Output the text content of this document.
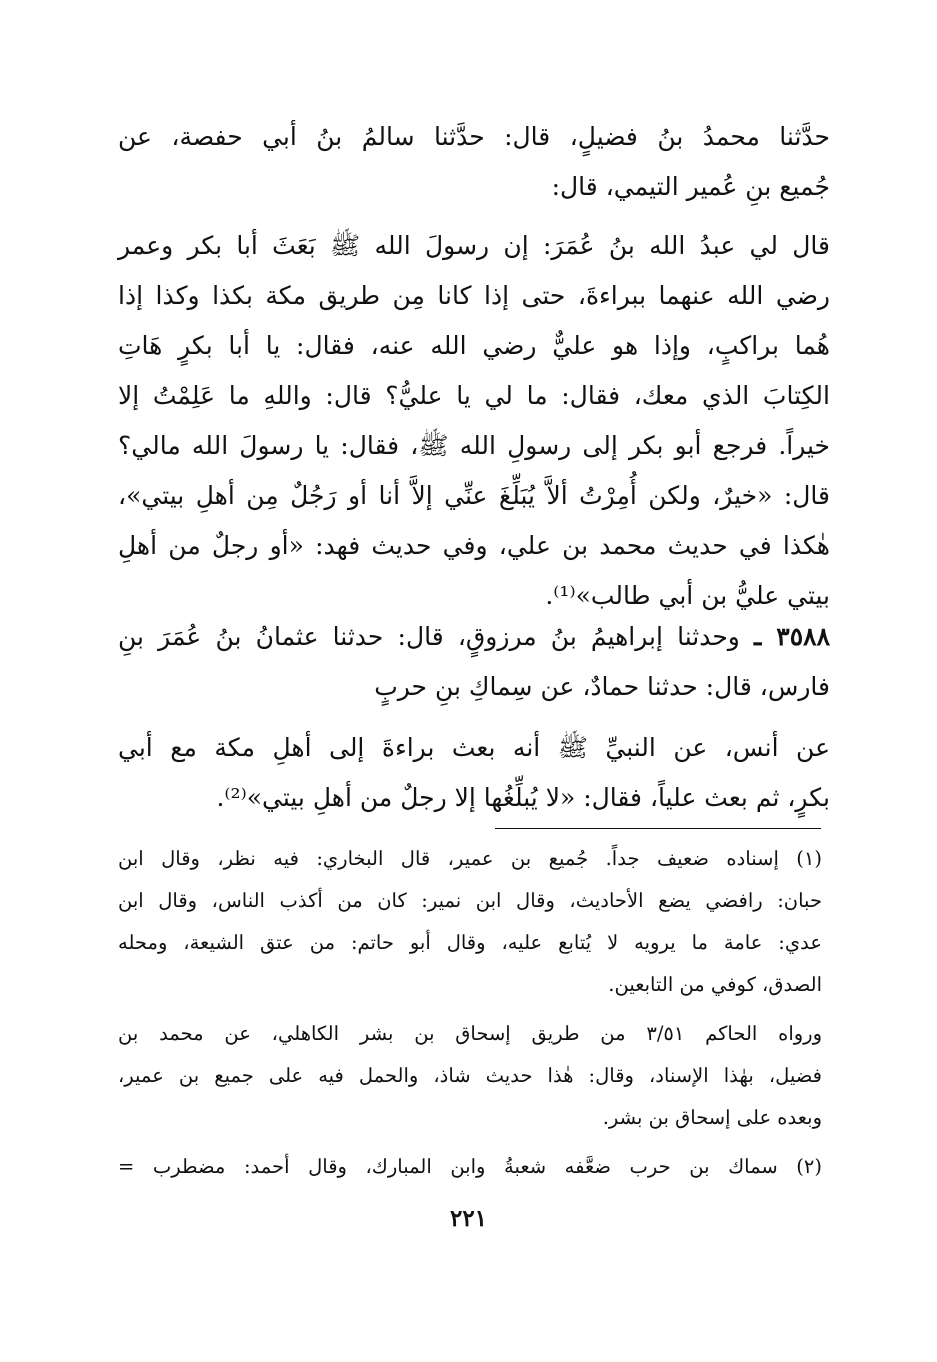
حدَّثنا محمدُ بنُ فضيلٍ، قال: حدَّثنا سالمُ بنُ أبي حفصة، عن
جُميع بنِ عُمير التيمي، قال:
قال لي عبدُ الله بنُ عُمَرَ: إن رسولَ الله ﷺ بَعَثَ أبا بكر وعمر
رضي الله عنهما ببراءةَ، حتى إذا كانا مِن طريق مكة بكذا وكذا إذا
هُما براكبٍ، وإذا هو عليٌّ رضي الله عنه، فقال: يا أبا بكرٍ هَاتِ
الكِتابَ الذي معك، فقال: ما لي يا عليُّ؟ قال: واللهِ ما عَلِمْتُ إلا
خيراً. فرجع أبو بكر إلى رسولِ الله ﷺ، فقال: يا رسولَ الله مالي؟
قال: «خيرٌ، ولكن أُمِرْتُ ألاَّ يُبَلِّغَ عنِّي إلاَّ أنا أو رَجُلٌ مِن أهلِ بيتي»،
هٰكذا في حديث محمد بن علي، وفي حديث فهد: «أو رجلٌ من أهلِ
بيتي عليُّ بن أبي طالب»⁽¹⁾.
٣٥٨٨ ـ وحدثنا إبراهيمُ بنُ مرزوقٍ، قال: حدثنا عثمانُ بنُ عُمَرَ بنِ
فارس، قال: حدثنا حمادٌ، عن سِماكِ بنِ حربٍ
عن أنس، عن النبيِّ ﷺ أنه بعث براءةَ إلى أهلِ مكة مع أبي
بكرٍ، ثم بعث علياً، فقال: «لا يُبلِّغُها إلا رجلٌ من أهلِ بيتي»⁽²⁾.
(١) إسناده ضعيف جداً. جُميع بن عمير، قال البخاري: فيه نظر، وقال ابن
حبان: رافضي يضع الأحاديث، وقال ابن نمير: كان من أكذب الناس، وقال ابن
عدي: عامة ما يرويه لا يُتابع عليه، وقال أبو حاتم: من عتق الشيعة، ومحله
الصدق، كوفي من التابعين.
ورواه الحاكم ٣/٥١ من طريق إسحاق بن بشر الكاهلي، عن محمد بن
فضيل، بهٰذا الإسناد، وقال: هٰذا حديث شاذ، والحمل فيه على جميع بن عمير،
وبعده على إسحاق بن بشر.
(٢) سماك بن حرب ضعَّفه شعبةُ وابن المبارك، وقال أحمد: مضطرب =
٢٢١
